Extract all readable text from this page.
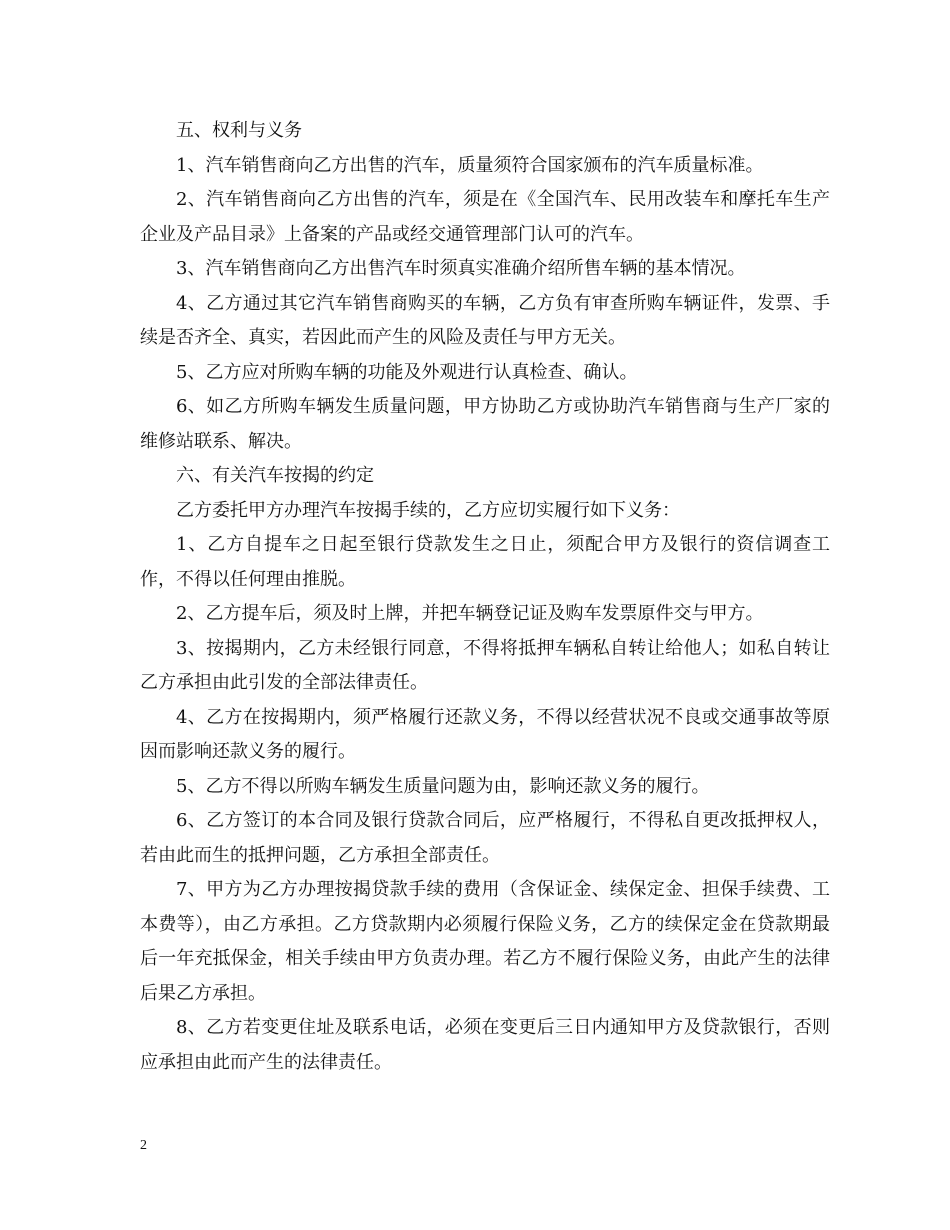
五、权利与义务

1、汽车销售商向乙方出售的汽车，质量须符合国家颁布的汽车质量标准。

2、汽车销售商向乙方出售的汽车，须是在《全国汽车、民用改装车和摩托车生产企业及产品目录》上备案的产品或经交通管理部门认可的汽车。

3、汽车销售商向乙方出售汽车时须真实准确介绍所售车辆的基本情况。

4、乙方通过其它汽车销售商购买的车辆，乙方负有审查所购车辆证件，发票、手续是否齐全、真实，若因此而产生的风险及责任与甲方无关。

5、乙方应对所购车辆的功能及外观进行认真检查、确认。

6、如乙方所购车辆发生质量问题，甲方协助乙方或协助汽车销售商与生产厂家的维修站联系、解决。

六、有关汽车按揭的约定

乙方委托甲方办理汽车按揭手续的，乙方应切实履行如下义务：

1、乙方自提车之日起至银行贷款发生之日止，须配合甲方及银行的资信调查工作，不得以任何理由推脱。

2、乙方提车后，须及时上牌，并把车辆登记证及购车发票原件交与甲方。

3、按揭期内，乙方未经银行同意，不得将抵押车辆私自转让给他人；如私自转让乙方承担由此引发的全部法律责任。

4、乙方在按揭期内，须严格履行还款义务，不得以经营状况不良或交通事故等原因而影响还款义务的履行。

5、乙方不得以所购车辆发生质量问题为由，影响还款义务的履行。

6、乙方签订的本合同及银行贷款合同后，应严格履行，不得私自更改抵押权人，若由此而生的抵押问题，乙方承担全部责任。

7、甲方为乙方办理按揭贷款手续的费用（含保证金、续保定金、担保手续费、工本费等），由乙方承担。乙方贷款期内必须履行保险义务，乙方的续保定金在贷款期最后一年充抵保金，相关手续由甲方负责办理。若乙方不履行保险义务，由此产生的法律后果乙方承担。

8、乙方若变更住址及联系电话，必须在变更后三日内通知甲方及贷款银行，否则应承担由此而产生的法律责任。

2
